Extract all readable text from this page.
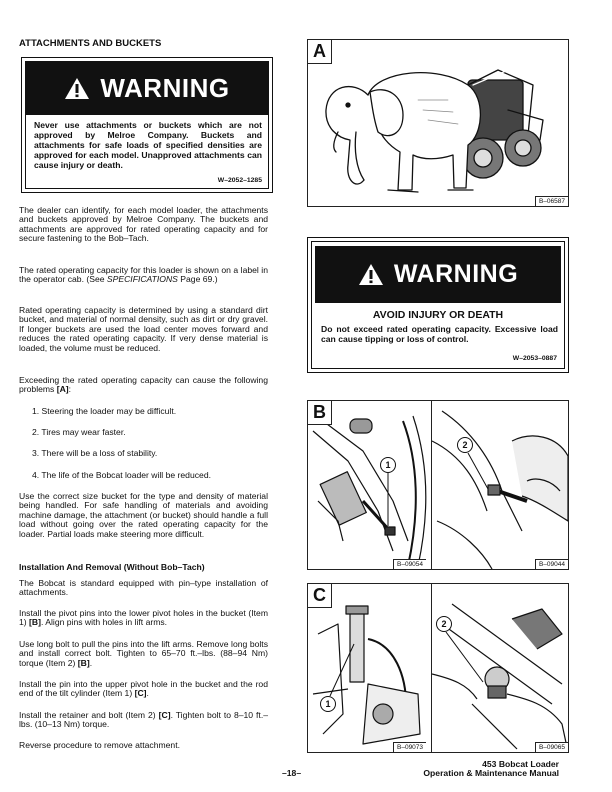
ATTACHMENTS AND BUCKETS
WARNING
Never use attachments or buckets which are not approved by Melroe Company. Buckets and attachments for safe loads of specified densities are approved for each model. Unapproved attachments can cause injury or death.
W–2052–1285
The dealer can identify, for each model loader, the attachments and buckets approved by Melroe Company. The buckets and attachments are approved for rated operating capacity and for secure fastening to the Bob–Tach.
The rated operating capacity for this loader is shown on a label in the operator cab. (See SPECIFICATIONS Page 69.)
Rated operating capacity is determined by using a standard dirt bucket, and material of normal density, such as dirt or dry gravel. If longer buckets are used the load center moves forward and reduces the rated operating capacity. If very dense material is loaded, the volume must be reduced.
Exceeding the rated operating capacity can cause the following problems [A]:
1. Steering the loader may be difficult.
2. Tires may wear faster.
3. There will be a loss of stability.
4. The life of the Bobcat loader will be reduced.
Use the correct size bucket for the type and density of material being handled. For safe handling of materials and avoiding machine damage, the attachment (or bucket) should handle a full load without going over the rated operating capacity for the loader. Partial loads make steering more difficult.
Installation And Removal (Without Bob–Tach)
The Bobcat is standard equipped with pin–type installation of attachments.
Install the pivot pins into the lower pivot holes in the bucket (Item 1) [B]. Align pins with holes in lift arms.
Use long bolt to pull the pins into the lift arms. Remove long bolts and install correct bolt. Tighten to 65–70 ft.–lbs. (88–94 Nm) torque (Item 2) [B].
Install the pin into the upper pivot hole in the bucket and the rod end of the tilt cylinder (Item 1) [C].
Install the retainer and bolt (Item 2) [C]. Tighten bolt to 8–10 ft.–lbs. (10–13 Nm) torque.
Reverse procedure to remove attachment.
A
B–06587
WARNING
AVOID INJURY OR DEATH
Do not exceed rated operating capacity. Excessive load can cause tipping or loss of control.
W–2053–0887
1
2
B
B–09054	B–09044
1
2
C
B–09073	B–09065
–18–
453 Bobcat Loader
Operation & Maintenance Manual
